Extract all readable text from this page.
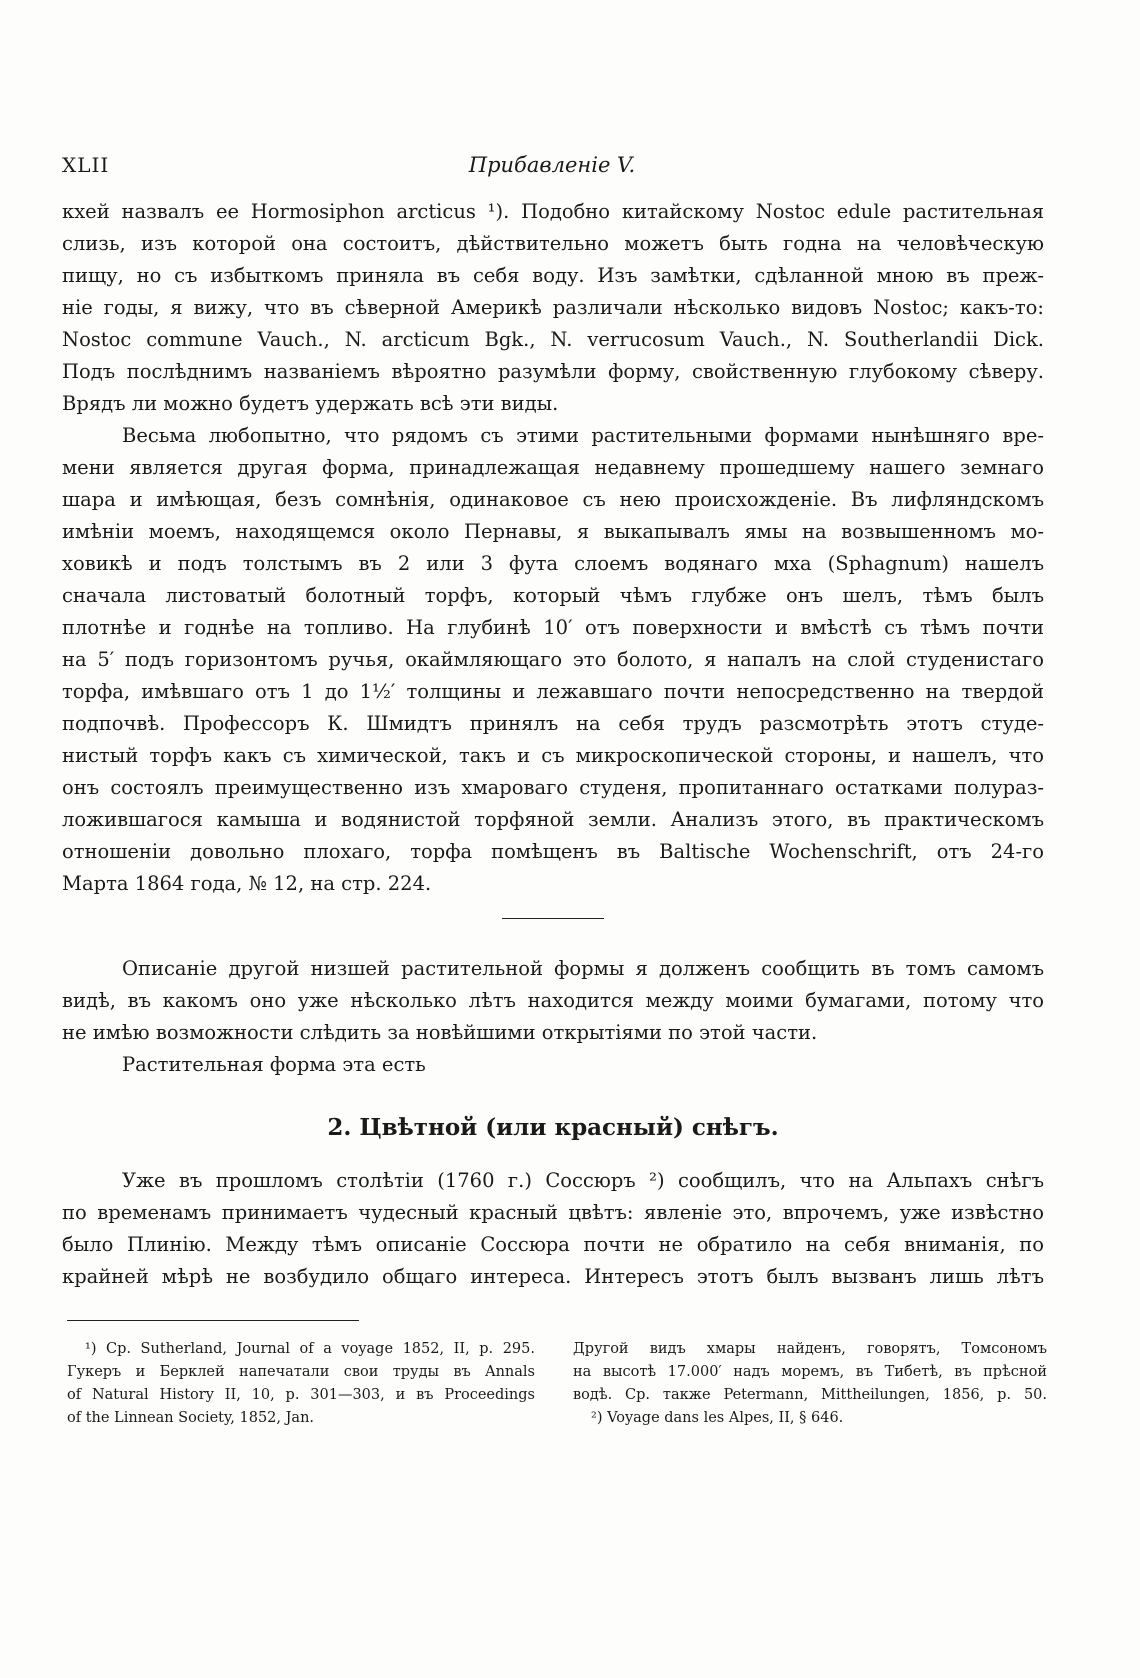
XLII	Прибавленіе V.
кхей назвалъ ее Hormosiphon arcticus ¹). Подобно китайскому Nostoc edule растительная
слизь, изъ которой она состоитъ, дѣйствительно можетъ быть годна на человѣческую
пищу, но съ избыткомъ приняла въ себя воду. Изъ замѣтки, сдѣланной мною въ преж-
ніе годы, я вижу, что въ сѣверной Америкѣ различали нѣсколько видовъ Nostoc; какъ-то:
Nostoc commune Vauch., N. arcticum Bgk., N. verrucosum Vauch., N. Southerlandii Dick.
Подъ послѣднимъ названіемъ вѣроятно разумѣли форму, свойственную глубокому сѣверу.
Врядъ ли можно будетъ удержать всѣ эти виды.
Весьма любопытно, что рядомъ съ этими растительными формами нынѣшняго вре-
мени является другая форма, принадлежащая недавнему прошедшему нашего земнаго
шара и имѣющая, безъ сомнѣнія, одинаковое съ нею происхожденіе. Въ лифляндскомъ
имѣніи моемъ, находящемся около Пернавы, я выкапывалъ ямы на возвышенномъ мо-
ховикѣ и подъ толстымъ въ 2 или 3 фута слоемъ водянаго мха (Sphagnum) нашелъ
сначала листоватый болотный торфъ, который чѣмъ глубже онъ шелъ, тѣмъ былъ
плотнѣе и годнѣе на топливо. На глубинѣ 10′ отъ поверхности и вмѣстѣ съ тѣмъ почти
на 5′ подъ горизонтомъ ручья, окаймляющаго это болото, я напалъ на слой студенистаго
торфа, имѣвшаго отъ 1 до 1½′ толщины и лежавшаго почти непосредственно на твердой
подпочвѣ. Профессоръ К. Шмидтъ принялъ на себя трудъ разсмотрѣть этотъ студе-
нистый торфъ какъ съ химической, такъ и съ микроскопической стороны, и нашелъ, что
онъ состоялъ преимущественно изъ хмароваго студеня, пропитаннаго остатками полураз-
ложившагося камыша и водянистой торфяной земли. Анализъ этого, въ практическомъ
отношеніи довольно плохаго, торфа помѣщенъ въ Baltische Wochenschrift, отъ 24-го
Марта 1864 года, № 12, на стр. 224.
Описаніе другой низшей растительной формы я долженъ сообщить въ томъ самомъ
видѣ, въ какомъ оно уже нѣсколько лѣтъ находится между моими бумагами, потому что
не имѣю возможности слѣдить за новѣйшими открытіями по этой части.
Растительная форма эта есть
2. Цвѣтной (или красный) снѣгъ.
Уже въ прошломъ столѣтіи (1760 г.) Соссюръ ²) сообщилъ, что на Альпахъ снѣгъ
по временамъ принимаетъ чудесный красный цвѣтъ: явленіе это, впрочемъ, уже извѣстно
было Плинію. Между тѣмъ описаніе Соссюра почти не обратило на себя вниманія, по
крайней мѣрѣ не возбудило общаго интереса. Интересъ этотъ былъ вызванъ лишь лѣтъ
¹) Cp. Sutherland, Journal of a voyage 1852, II, p. 295.
Гукеръ и Берклей напечатали свои труды въ Annals
of Natural History II, 10, p. 301—303, и въ Proceedings
of the Linnean Society, 1852, Jan.
Другой видъ хмары найденъ, говорятъ, Томсономъ
на высотѣ 17.000′ надъ моремъ, въ Тибетѣ, въ прѣсной
водѣ. Ср. также Petermann, Mittheilungen, 1856, p. 50.
²) Voyage dans les Alpes, II, § 646.
